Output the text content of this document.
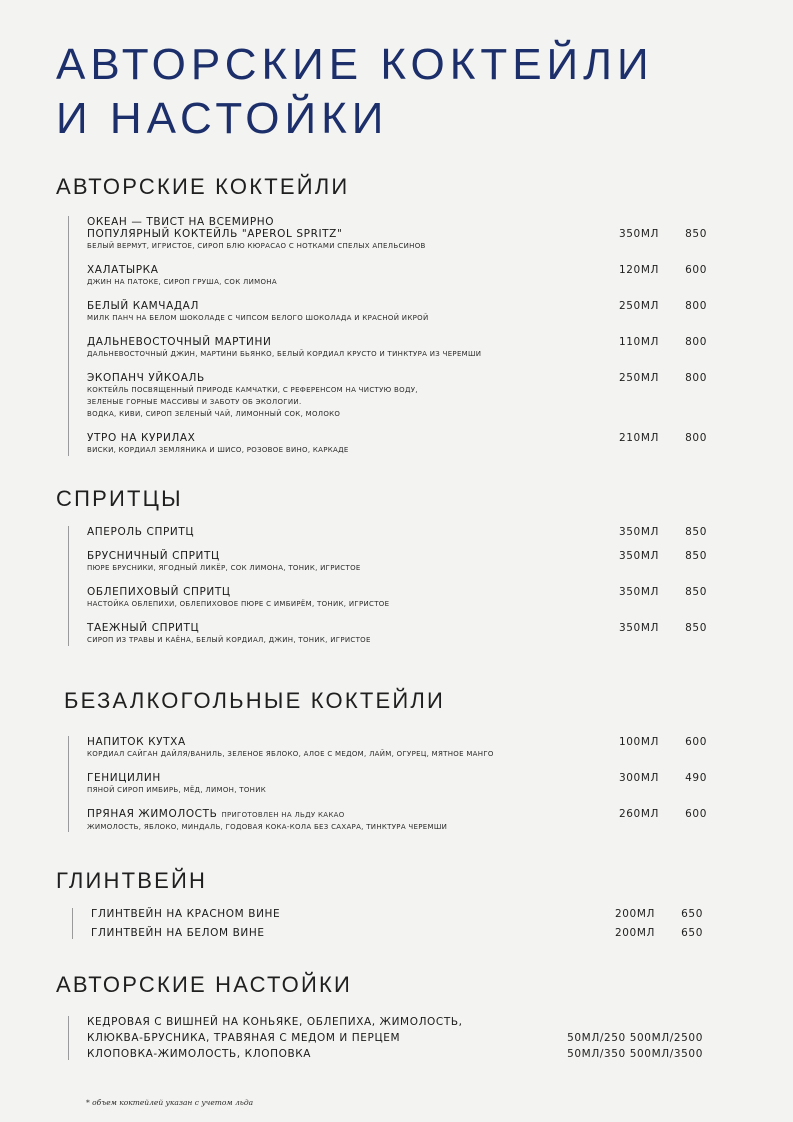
АВТОРСКИЕ КОКТЕЙЛИ
И НАСТОЙКИ
АВТОРСКИЕ КОКТЕЙЛИ
ОКЕАН — ТВИСТ НА ВСЕМИРНО
ПОПУЛЯРНЫЙ КОКТЕЙЛЬ "APEROL SPRITZ"
БЕЛЫЙ ВЕРМУТ, ИГРИСТОЕ, СИРОП БЛЮ КЮРАСАО С НОТКАМИ СПЕЛЫХ АПЕЛЬСИНОВ
350МЛ 850
ХАЛАТЫРКА
ДЖИН НА ПАТОКЕ, СИРОП ГРУША, СОК ЛИМОНА
120МЛ 600
БЕЛЫЙ КАМЧАДАЛ
МИЛК ПАНЧ НА БЕЛОМ ШОКОЛАДЕ С ЧИПСОМ БЕЛОГО ШОКОЛАДА И КРАСНОЙ ИКРОЙ
250МЛ 800
ДАЛЬНЕВОСТОЧНЫЙ МАРТИНИ
ДАЛЬНЕВОСТОЧНЫЙ ДЖИН, МАРТИНИ БЬЯНКО, БЕЛЫЙ КОРДИАЛ КРУСТО И ТИНКТУРА ИЗ ЧЕРЕМШИ
110МЛ 800
ЭКОПАНЧ УЙКОАЛЬ
КОКТЕЙЛЬ ПОСВЯЩЕННЫЙ ПРИРОДЕ КАМЧАТКИ, С РЕФЕРЕНСОМ НА ЧИСТУЮ ВОДУ,
ЗЕЛЕНЫЕ ГОРНЫЕ МАССИВЫ И ЗАБОТУ ОБ ЭКОЛОГИИ.
ВОДКА, КИВИ, СИРОП ЗЕЛЕНЫЙ ЧАЙ, ЛИМОННЫЙ СОК, МОЛОКО
250МЛ 800
УТРО НА КУРИЛАХ
ВИСКИ, КОРДИАЛ ЗЕМЛЯНИКА И ШИСО, РОЗОВОЕ ВИНО, КАРКАДЕ
210МЛ 800
СПРИТЦЫ
АПЕРОЛЬ СПРИТЦ	350МЛ 850
БРУСНИЧНЫЙ СПРИТЦ
ПЮРЕ БРУСНИКИ, ЯГОДНЫЙ ЛИКЁР, СОК ЛИМОНА, ТОНИК, ИГРИСТОЕ
350МЛ 850
ОБЛЕПИХОВЫЙ СПРИТЦ
НАСТОЙКА ОБЛЕПИХИ, ОБЛЕПИХОВОЕ ПЮРЕ С ИМБИРЁМ, ТОНИК, ИГРИСТОЕ
350МЛ 850
ТАЕЖНЫЙ СПРИТЦ
СИРОП ИЗ ТРАВЫ И КАЁНА, БЕЛЫЙ КОРДИАЛ, ДЖИН, ТОНИК, ИГРИСТОЕ
350МЛ 850
БЕЗАЛКОГОЛЬНЫЕ КОКТЕЙЛИ
НАПИТОК КУТХА
КОРДИАЛ САЙГАН ДАЙЛЯ/ВАНИЛЬ, ЗЕЛЕНОЕ ЯБЛОКО, АЛОЕ С МЕДОМ, ЛАЙМ, ОГУРЕЦ, МЯТНОЕ МАНГО
100МЛ 600
ГЕНИЦИЛИН
ПЯНОЙ СИРОП ИМБИРЬ, МЁД, ЛИМОН, ТОНИК
300МЛ 490
ПРЯНАЯ ЖИМОЛОСТЬ ПРИГОТОВЛЕН НА ЛЬДУ КАКАО
ЖИМОЛОСТЬ, ЯБЛОКО, МИНДАЛЬ, ГОДОВАЯ КОКА-КОЛА БЕЗ САХАРА, ТИНКТУРА ЧЕРЕМШИ
260МЛ 600
ГЛИНТВЕЙН
ГЛИНТВЕЙН НА КРАСНОМ ВИНЕ	200МЛ 650
ГЛИНТВЕЙН НА БЕЛОМ ВИНЕ	200МЛ 650
АВТОРСКИЕ НАСТОЙКИ
КЕДРОВАЯ С ВИШНЕЙ НА КОНЬЯКЕ, ОБЛЕПИХА, ЖИМОЛОСТЬ,
КЛЮКВА-БРУСНИКА, ТРАВЯНАЯ С МЕДОМ И ПЕРЦЕМ	50МЛ/250 500МЛ/2500
КЛОПОВКА-ЖИМОЛОСТЬ, КЛОПОВКА	50МЛ/350 500МЛ/3500
* объем коктейлей указан с учетом льда
